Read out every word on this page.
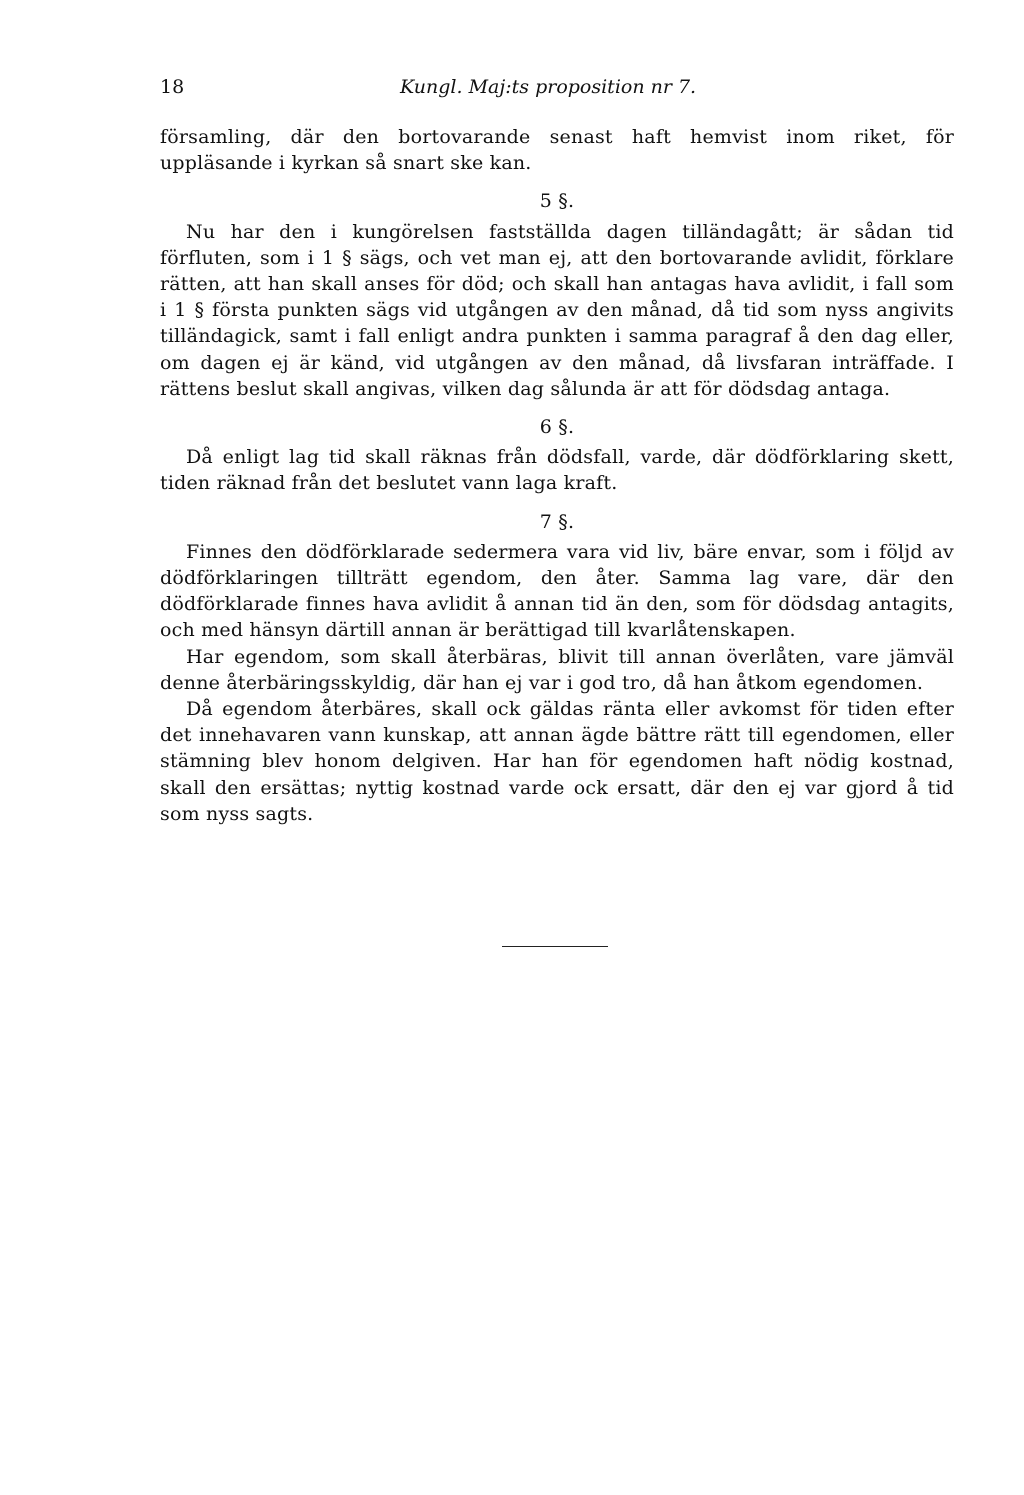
18	Kungl. Maj:ts proposition nr 7.

församling, där den bortovarande senast haft hemvist inom riket, för uppläsande i kyrkan så snart ske kan.

5 §.

Nu har den i kungörelsen fastställda dagen tilländagått; är sådan tid förfluten, som i 1 § sägs, och vet man ej, att den bortovarande avlidit, förklare rätten, att han skall anses för död; och skall han antagas hava avlidit, i fall som i 1 § första punkten sägs vid utgången av den månad, då tid som nyss angivits tilländagick, samt i fall enligt andra punkten i samma paragraf å den dag eller, om dagen ej är känd, vid utgången av den månad, då livsfaran inträffade. I rättens beslut skall angivas, vilken dag sålunda är att för dödsdag antaga.

6 §.

Då enligt lag tid skall räknas från dödsfall, varde, där dödförklaring skett, tiden räknad från det beslutet vann laga kraft.

7 §.

Finnes den dödförklarade sedermera vara vid liv, bäre envar, som i följd av dödförklaringen tillträtt egendom, den åter. Samma lag vare, där den dödförklarade finnes hava avlidit å annan tid än den, som för dödsdag antagits, och med hänsyn därtill annan är berättigad till kvarlåtenskapen.

Har egendom, som skall återbäras, blivit till annan överlåten, vare jämväl denne återbäringsskyldig, där han ej var i god tro, då han åtkom egendomen.

Då egendom återbäres, skall ock gäldas ränta eller avkomst för tiden efter det innehavaren vann kunskap, att annan ägde bättre rätt till egendomen, eller stämning blev honom delgiven. Har han för egendomen haft nödig kostnad, skall den ersättas; nyttig kostnad varde ock ersatt, där den ej var gjord å tid som nyss sagts.
